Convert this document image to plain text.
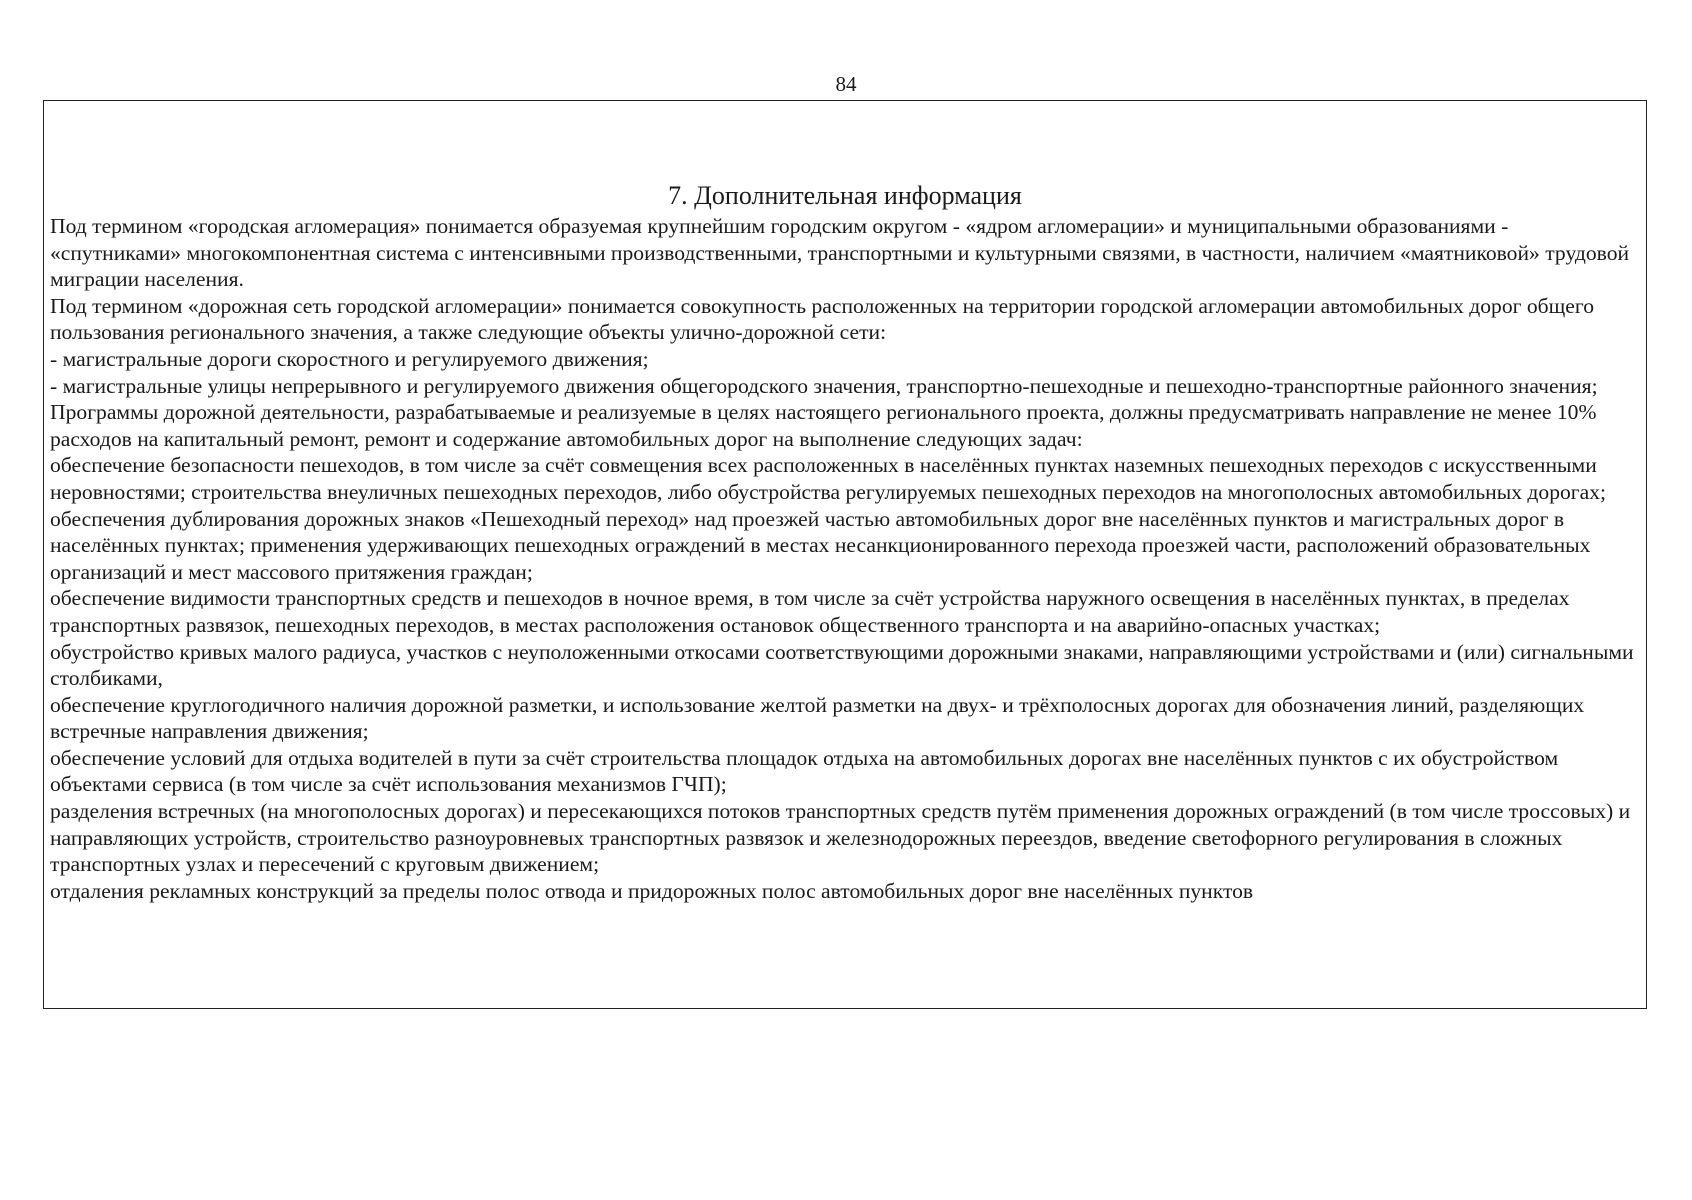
84
7. Дополнительная информация

Под термином «городская агломерация» понимается образуемая крупнейшим городским округом - «ядром агломерации» и муниципальными образованиями - «спутниками» многокомпонентная система с интенсивными производственными, транспортными и культурными связями, в частности, наличием «маятниковой» трудовой миграции населения.

Под термином «дорожная сеть городской агломерации» понимается совокупность расположенных на территории городской агломерации автомобильных дорог общего пользования регионального значения, а также следующие объекты улично-дорожной сети:

- магистральные дороги скоростного и регулируемого движения;

- магистральные улицы непрерывного и регулируемого движения общегородского значения, транспортно-пешеходные и пешеходно-транспортные районного значения;

Программы дорожной деятельности, разрабатываемые и реализуемые в целях настоящего регионального проекта, должны предусматривать направление не менее 10% расходов на капитальный ремонт, ремонт и содержание автомобильных дорог на выполнение следующих задач:

обеспечение безопасности пешеходов, в том числе за счёт совмещения всех расположенных в населённых пунктах наземных пешеходных переходов с искусственными неровностями; строительства внеуличных пешеходных переходов, либо обустройства регулируемых пешеходных переходов на многополосных автомобильных дорогах; обеспечения дублирования дорожных знаков «Пешеходный переход» над проезжей частью автомобильных дорог вне населённых пунктов и магистральных дорог в населённых пунктах; применения удерживающих пешеходных ограждений в местах несанкционированного перехода проезжей части, расположений образовательных организаций и мест массового притяжения граждан;

обеспечение видимости транспортных средств и пешеходов в ночное время, в том числе за счёт устройства наружного освещения в населённых пунктах, в пределах транспортных развязок, пешеходных переходов, в местах расположения остановок общественного транспорта и на аварийно-опасных участках;

обустройство кривых малого радиуса, участков с неуположенными откосами соответствующими дорожными знаками, направляющими устройствами и (или) сигнальными столбиками,

обеспечение круглогодичного наличия дорожной разметки, и использование желтой разметки на двух- и трёхполосных дорогах для обозначения линий, разделяющих встречные направления движения;

обеспечение условий для отдыха водителей в пути за счёт строительства площадок отдыха на автомобильных дорогах вне населённых пунктов с их обустройством объектами сервиса (в том числе за счёт использования механизмов ГЧП);

разделения встречных (на многополосных дорогах) и пересекающихся потоков транспортных средств путём применения дорожных ограждений (в том числе троссовых) и направляющих устройств, строительство разноуровневых транспортных развязок и железнодорожных переездов, введение светофорного регулирования в сложных транспортных узлах и пересечений с круговым движением;

отдаления рекламных конструкций за пределы полос отвода и придорожных полос автомобильных дорог вне населённых пунктов
